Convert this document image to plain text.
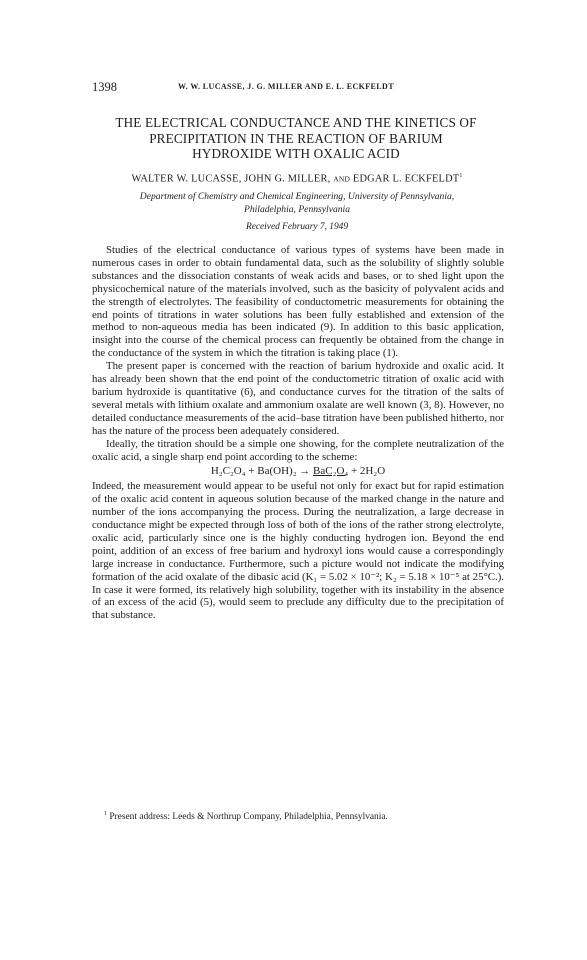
1398	W. W. LUCASSE, J. G. MILLER AND E. L. ECKFELDT
THE ELECTRICAL CONDUCTANCE AND THE KINETICS OF
PRECIPITATION IN THE REACTION OF BARIUM
HYDROXIDE WITH OXALIC ACID
WALTER W. LUCASSE, JOHN G. MILLER, AND EDGAR L. ECKFELDT$^1$
Department of Chemistry and Chemical Engineering, University of Pennsylvania,
Philadelphia, Pennsylvania
Received February 7, 1949

Studies of the electrical conductance of various types of systems have been made in numerous cases in order to obtain fundamental data, such as the solubility of slightly soluble substances and the dissociation constants of weak acids and bases, or to shed light upon the physicochemical nature of the materials involved, such as the basicity of polyvalent acids and the strength of electrolytes. The feasibility of conductometric measurements for obtaining the end points of titrations in water solutions has been fully established and extension of the method to non-aqueous media has been indicated (9). In addition to this basic application, insight into the course of the chemical process can frequently be obtained from the change in the conductance of the system in which the titration is taking place (1).

The present paper is concerned with the reaction of barium hydroxide and oxalic acid. It has already been shown that the end point of the conductometric titration of oxalic acid with barium hydroxide is quantitative (6), and conductance curves for the titration of the salts of several metals with lithium oxalate and ammonium oxalate are well known (3, 8). However, no detailed conductance measurements of the acid–base titration have been published hitherto, nor has the nature of the process been adequately considered.

Ideally, the titration should be a simple one showing, for the complete neutralization of the oxalic acid, a single sharp end point according to the scheme:

H₂C₂O₄ + Ba(OH)₂ → BaC₂O₄ + 2H₂O

Indeed, the measurement would appear to be useful not only for exact but for rapid estimation of the oxalic acid content in aqueous solution because of the marked change in the nature and number of the ions accompanying the process. During the neutralization, a large decrease in conductance might be expected through loss of both of the ions of the rather strong electrolyte, oxalic acid, particularly since one is the highly conducting hydrogen ion. Beyond the end point, addition of an excess of free barium and hydroxyl ions would cause a correspondingly large increase in conductance. Furthermore, such a picture would not indicate the modifying formation of the acid oxalate of the dibasic acid (K₁ = 5.02 × 10⁻²; K₂ = 5.18 × 10⁻⁵ at 25°C.). In case it were formed, its relatively high solubility, together with its instability in the absence of an excess of the acid (5), would seem to preclude any difficulty due to the precipitation of that substance.

$^1$ Present address: Leeds & Northrup Company, Philadelphia, Pennsylvania.
